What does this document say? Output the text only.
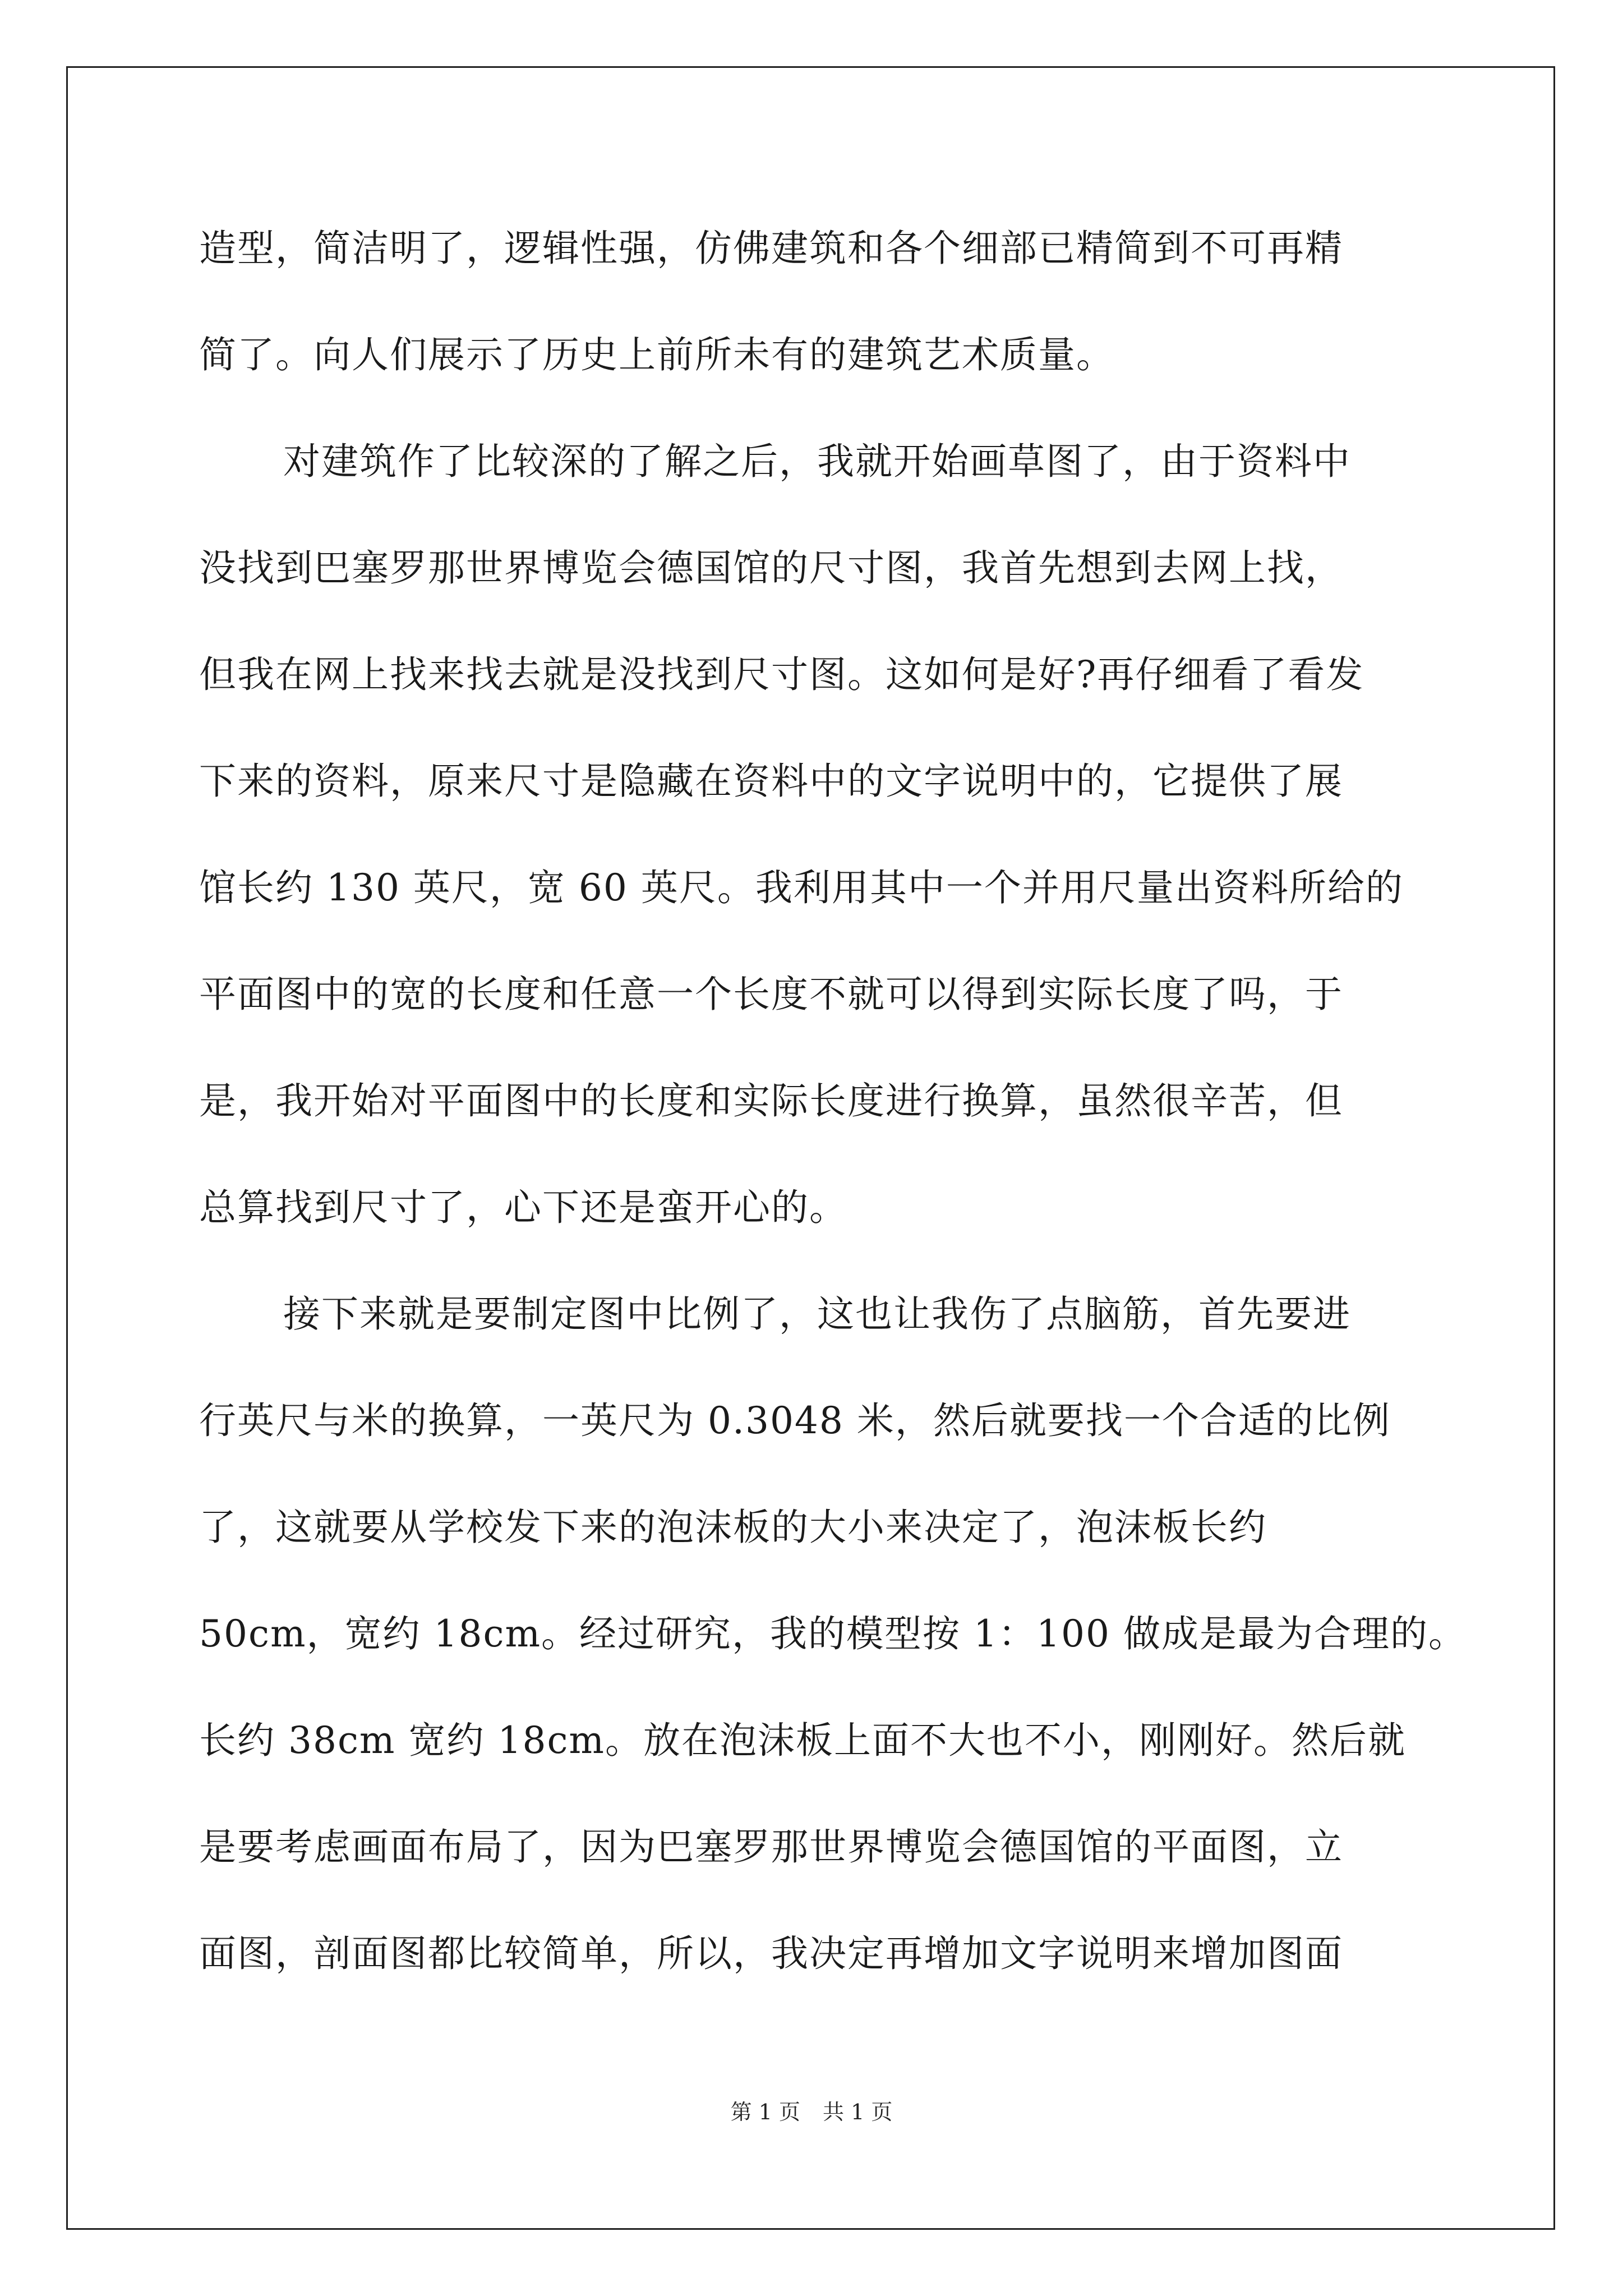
造型，简洁明了，逻辑性强，仿佛建筑和各个细部已精简到不可再精
简了。向人们展示了历史上前所未有的建筑艺术质量。
对建筑作了比较深的了解之后，我就开始画草图了，由于资料中
没找到巴塞罗那世界博览会德国馆的尺寸图，我首先想到去网上找，
但我在网上找来找去就是没找到尺寸图。这如何是好?再仔细看了看发
下来的资料，原来尺寸是隐藏在资料中的文字说明中的，它提供了展
馆长约 130 英尺，宽 60 英尺。我利用其中一个并用尺量出资料所给的
平面图中的宽的长度和任意一个长度不就可以得到实际长度了吗，于
是，我开始对平面图中的长度和实际长度进行换算，虽然很辛苦，但
总算找到尺寸了，心下还是蛮开心的。
接下来就是要制定图中比例了，这也让我伤了点脑筋，首先要进
行英尺与米的换算，一英尺为 0.3048 米，然后就要找一个合适的比例
了，这就要从学校发下来的泡沫板的大小来决定了，泡沫板长约
50cm，宽约 18cm。经过研究，我的模型按 1：100 做成是最为合理的。
长约 38cm 宽约 18cm。放在泡沫板上面不大也不小，刚刚好。然后就
是要考虑画面布局了，因为巴塞罗那世界博览会德国馆的平面图，立
面图，剖面图都比较简单，所以，我决定再增加文字说明来增加图面
第 1 页 共 1 页
